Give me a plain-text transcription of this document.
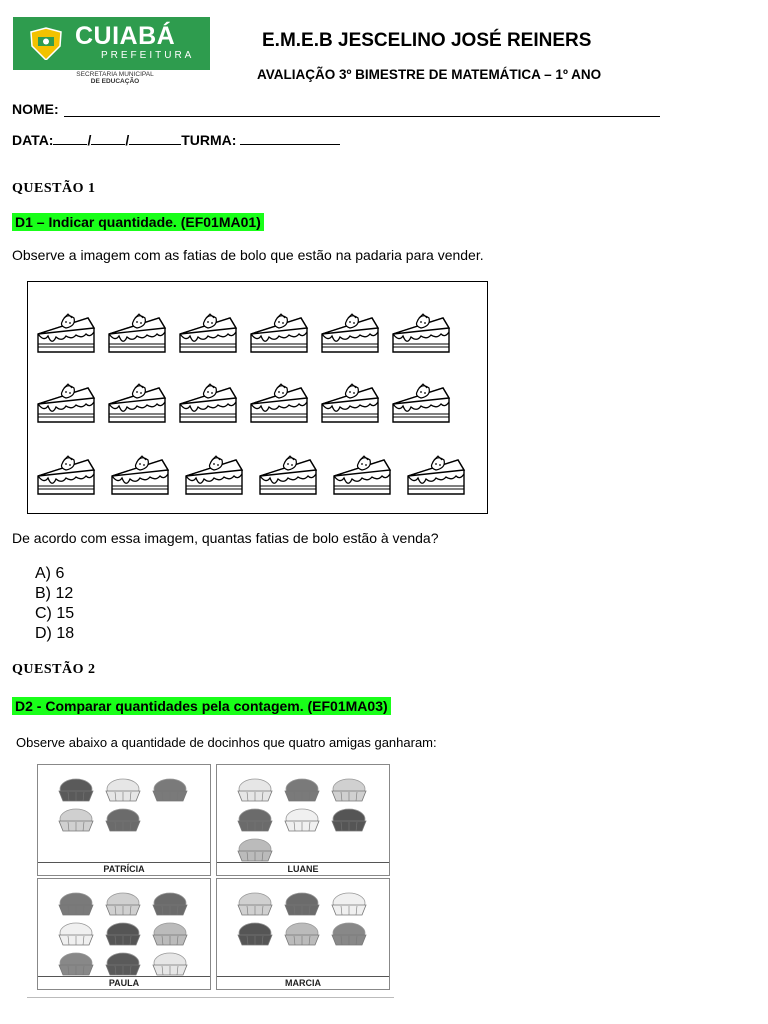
CUIABÁ
PREFEITURA
SECRETARIA MUNICIPAL
DE EDUCAÇÃO
E.M.E.B JESCELINO JOSÉ REINERS
AVALIAÇÃO 3º BIMESTRE DE MATEMÁTICA – 1º ANO
NOME:
DATA: / /	TURMA:
QUESTÃO 1
D1 – Indicar quantidade. (EF01MA01)
Observe a imagem com as fatias de bolo que estão na padaria para vender.
De acordo com essa imagem, quantas fatias de bolo estão à venda?
A) 6
B) 12
C) 15
D) 18
QUESTÃO 2
D2 - Comparar quantidades pela contagem. (EF01MA03)
Observe abaixo a quantidade de docinhos que quatro amigas ganharam:
PATRÍCIA	LUANE
PAULA	MARCIA
